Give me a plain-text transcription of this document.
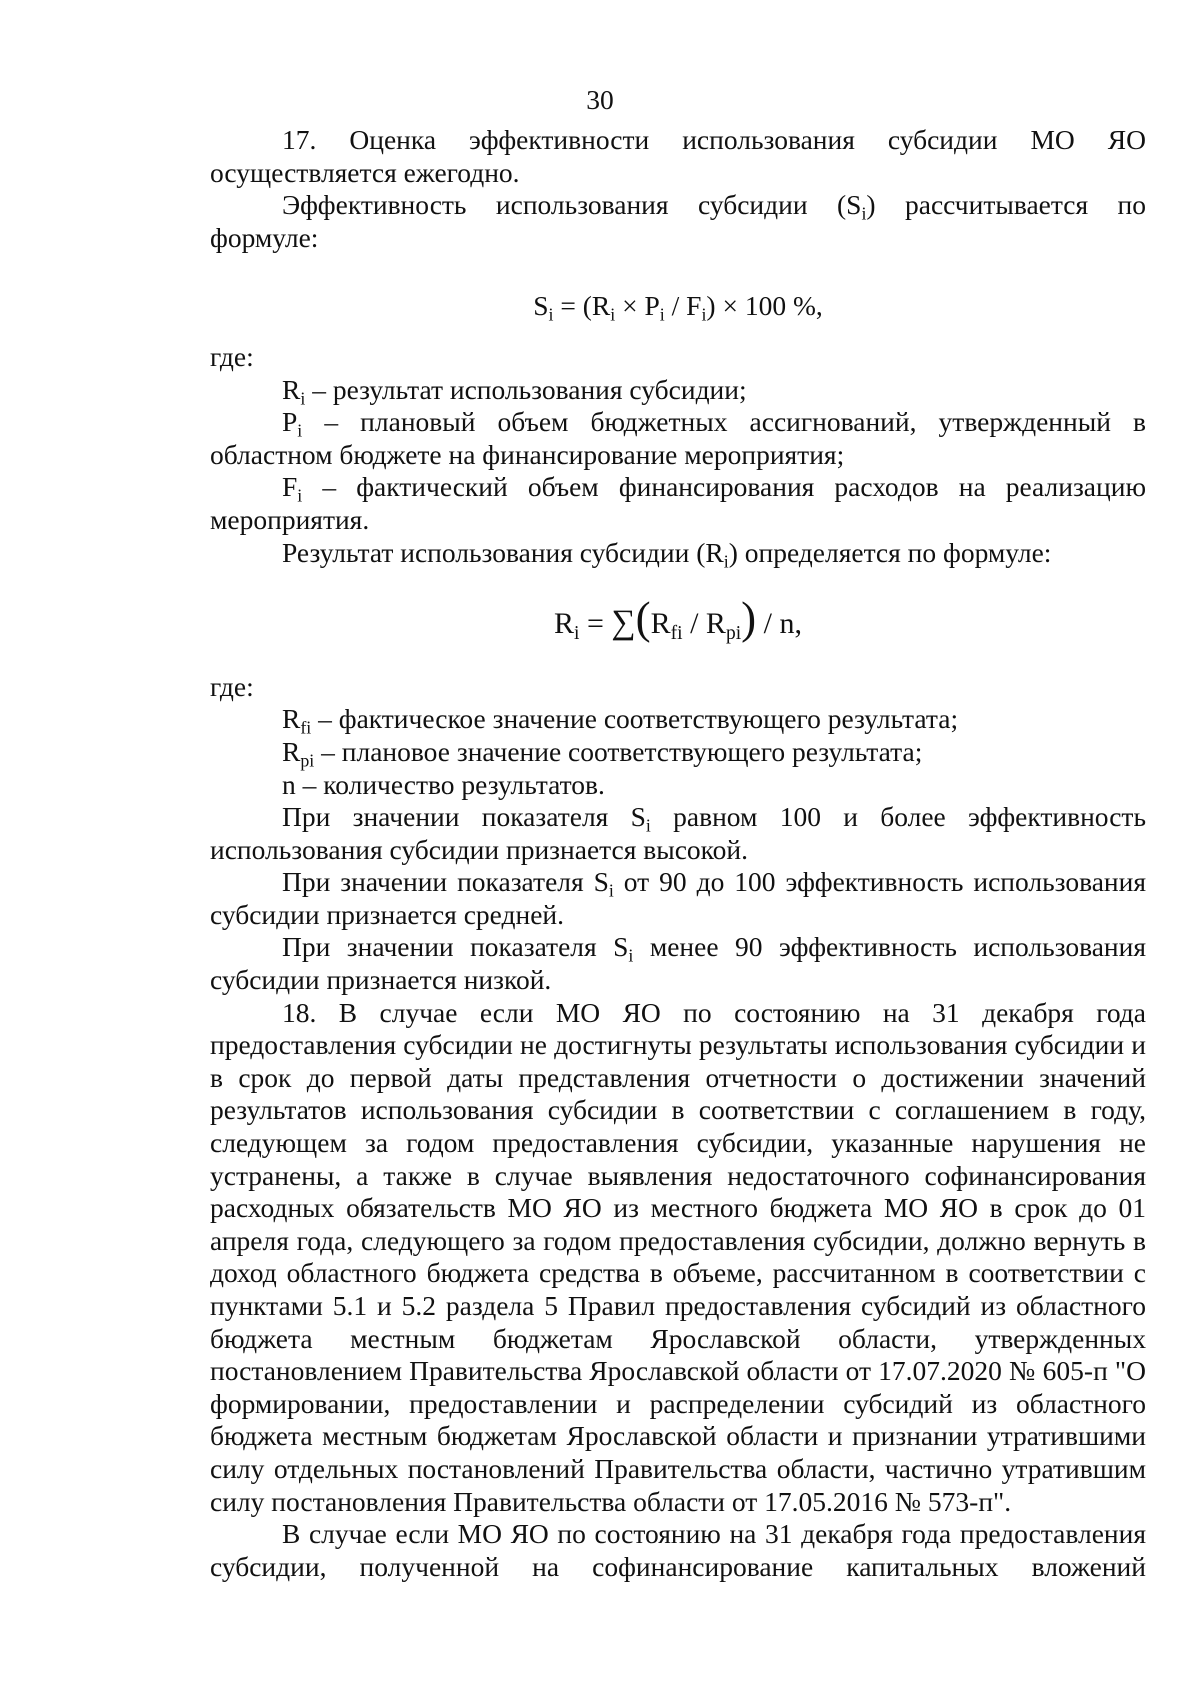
30

17. Оценка эффективности использования субсидии МО ЯО осуществляется ежегодно.

Эффективность использования субсидии $(S_i)$ рассчитывается по формуле:

$S_i = (R_i \times P_i / F_i) \times 100$ %,

где:

$R_i$ – результат использования субсидии;

$P_i$ – плановый объем бюджетных ассигнований, утвержденный в областном бюджете на финансирование мероприятия;

$F_i$ – фактический объем финансирования расходов на реализацию мероприятия.

Результат использования субсидии $(R_i)$ определяется по формуле:

$R_i = \sum(R_{fi} / R_{pi}) / n$,

где:

$R_{fi}$ – фактическое значение соответствующего результата;

$R_{pi}$ – плановое значение соответствующего результата;

n – количество результатов.

При значении показателя $S_i$ равном 100 и более эффективность использования субсидии признается высокой.

При значении показателя $S_i$ от 90 до 100 эффективность использования субсидии признается средней.

При значении показателя $S_i$ менее 90 эффективность использования субсидии признается низкой.

18. В случае если МО ЯО по состоянию на 31 декабря года предоставления субсидии не достигнуты результаты использования субсидии и в срок до первой даты представления отчетности о достижении значений результатов использования субсидии в соответствии с соглашением в году, следующем за годом предоставления субсидии, указанные нарушения не устранены, а также в случае выявления недостаточного софинансирования расходных обязательств МО ЯО из местного бюджета МО ЯО в срок до 01 апреля года, следующего за годом предоставления субсидии, должно вернуть в доход областного бюджета средства в объеме, рассчитанном в соответствии с пунктами 5.1 и 5.2 раздела 5 Правил предоставления субсидий из областного бюджета местным бюджетам Ярославской области, утвержденных постановлением Правительства Ярославской области от 17.07.2020 № 605-п "О формировании, предоставлении и распределении субсидий из областного бюджета местным бюджетам Ярославской области и признании утратившими силу отдельных постановлений Правительства области, частично утратившим силу постановления Правительства области от 17.05.2016 № 573-п".

В случае если МО ЯО по состоянию на 31 декабря года предоставления субсидии, полученной на софинансирование капитальных вложений
